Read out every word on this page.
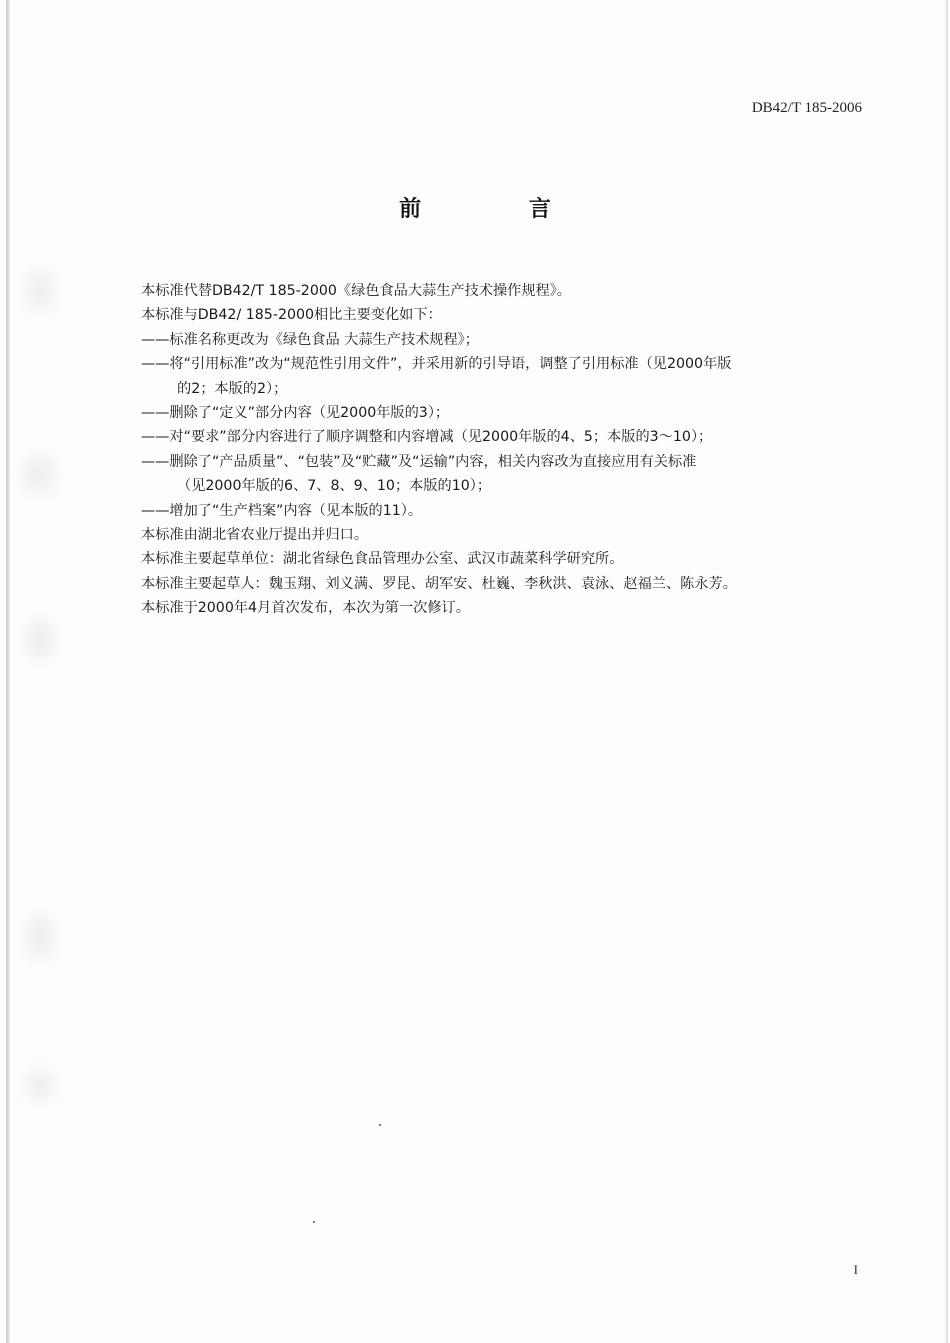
DB42/T 185-2006
前 言
本标准代替DB42/T 185-2000《绿色食品大蒜生产技术操作规程》。
本标准与DB42/ 185-2000相比主要变化如下：
——标准名称更改为《绿色食品 大蒜生产技术规程》；
——将“引用标准”改为“规范性引用文件”，并采用新的引导语，调整了引用标准（见2000年版
的2；本版的2）；
——删除了“定义”部分内容（见2000年版的3）；
——对“要求”部分内容进行了顺序调整和内容增减（见2000年版的4、5；本版的3～10）；
——删除了“产品质量”、“包装”及“贮藏”及“运输”内容，相关内容改为直接应用有关标准
（见2000年版的6、7、8、9、10；本版的10）；
——增加了“生产档案”内容（见本版的11）。
本标准由湖北省农业厅提出并归口。
本标准主要起草单位：湖北省绿色食品管理办公室、武汉市蔬菜科学研究所。
本标准主要起草人：魏玉翔、刘义满、罗昆、胡军安、杜巍、李秋洪、袁泳、赵福兰、陈永芳。
本标准于2000年4月首次发布，本次为第一次修订。
I
